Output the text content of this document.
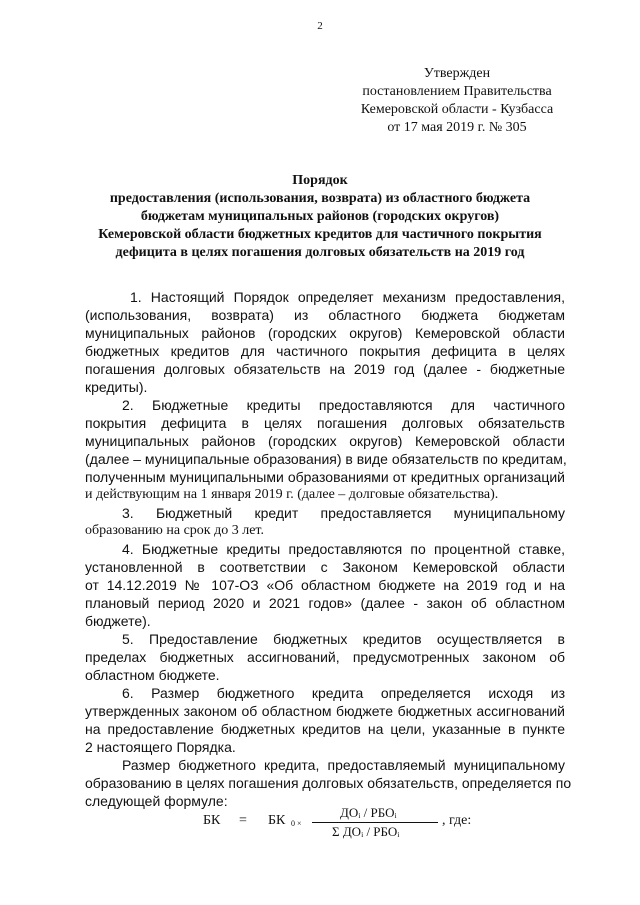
2
Утвержден
постановлением Правительства
Кемеровской области - Кузбасса
от 17 мая 2019 г. № 305
Порядок
предоставления (использования, возврата) из областного бюджета
бюджетам муниципальных районов (городских округов)
Кемеровской области бюджетных кредитов для частичного покрытия
дефицита в целях погашения долговых обязательств на 2019 год
1. Настоящий Порядок определяет механизм предоставления,
(использования, возврата) из областного бюджета бюджетам
муниципальных районов (городских округов) Кемеровской области
бюджетных кредитов для частичного покрытия дефицита в целях
погашения долговых обязательств на 2019 год (далее - бюджетные
кредиты).
2. Бюджетные кредиты предоставляются для частичного
покрытия дефицита в целях погашения долговых обязательств
муниципальных районов (городских округов) Кемеровской области
(далее – муниципальные образования) в виде обязательств по кредитам,
полученным муниципальными образованиями от кредитных организаций
и действующим на 1 января 2019 г. (далее – долговые обязательства).
3. Бюджетный кредит предоставляется муниципальному
образованию на срок до 3 лет.
4. Бюджетные кредиты предоставляются по процентной ставке,
установленной в соответствии с Законом Кемеровской области
от 14.12.2019 № 107-ОЗ «Об областном бюджете на 2019 год и на
плановый период 2020 и 2021 годов» (далее - закон об областном
бюджете).
5. Предоставление бюджетных кредитов осуществляется в
пределах бюджетных ассигнований, предусмотренных законом об
областном бюджете.
6. Размер бюджетного кредита определяется исходя из
утвержденных законом об областном бюджете бюджетных ассигнований
на предоставление бюджетных кредитов на цели, указанные в пункте
2 настоящего Порядка.
Размер бюджетного кредита, предоставляемый муниципальному
образованию в целях погашения долговых обязательств, определяется по
следующей формуле:
БК = БК 0 ×
ДОᵢ / РБОᵢ
Σ ДОᵢ / РБОᵢ
, где:
